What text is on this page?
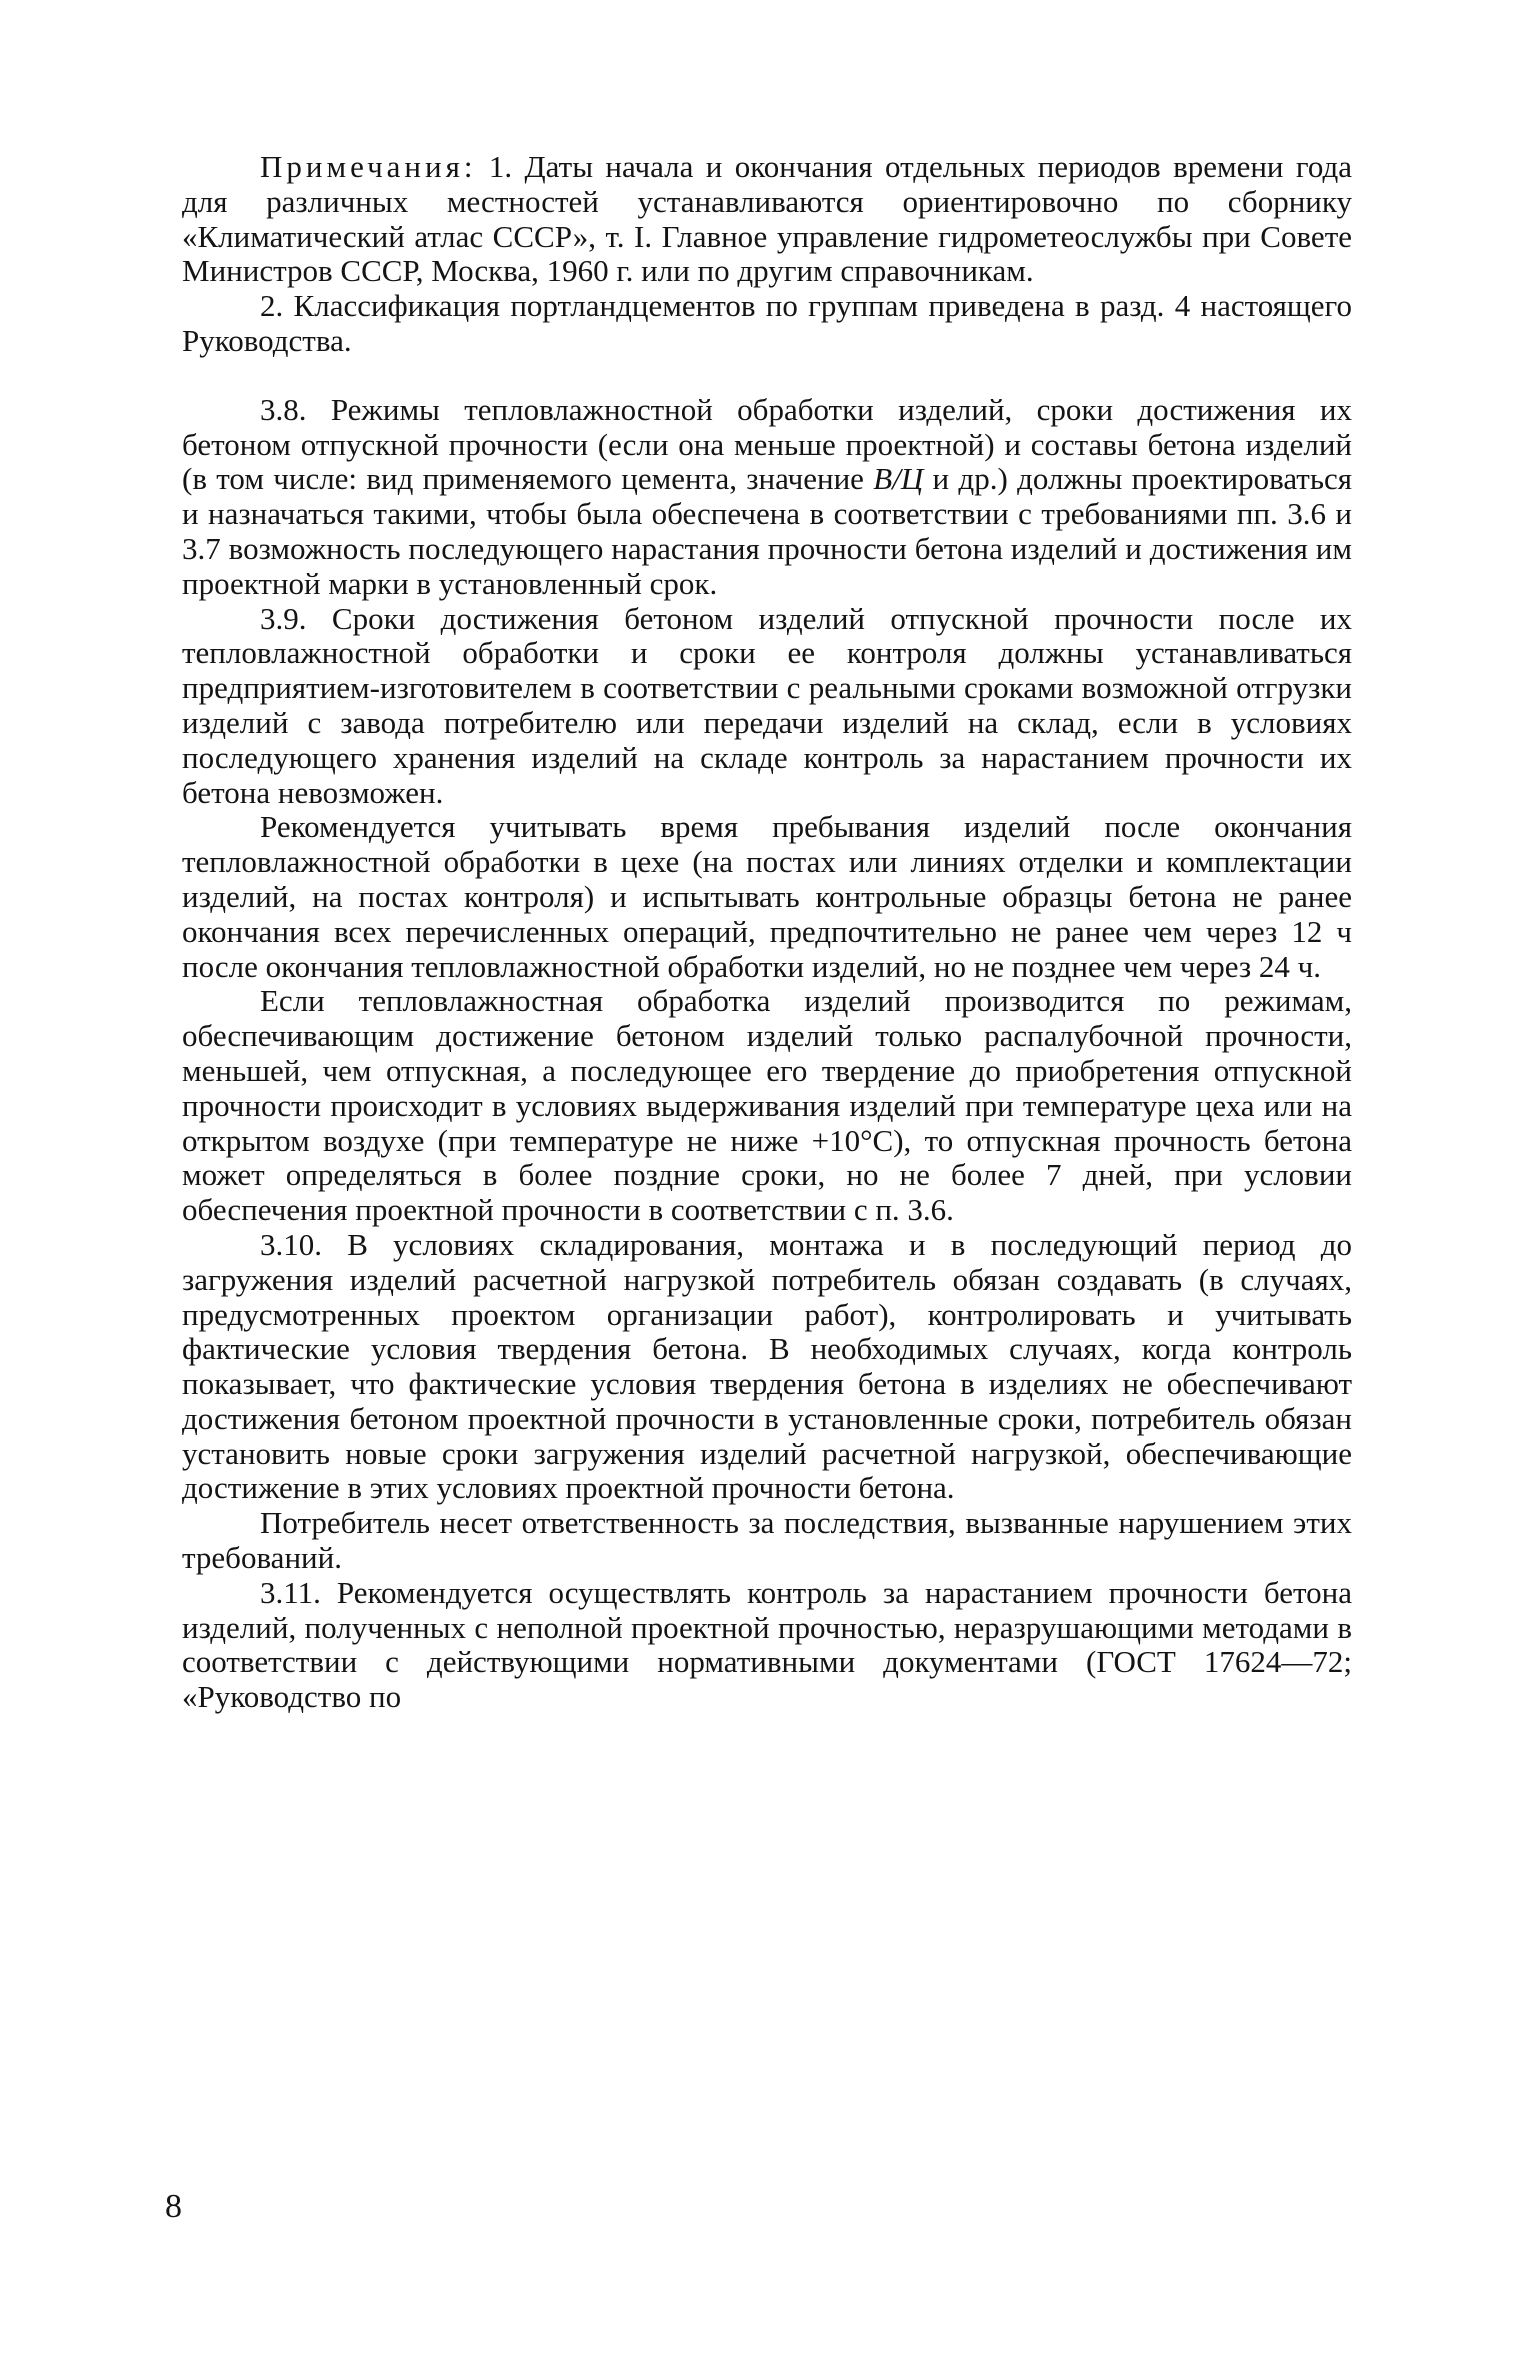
Примечания: 1. Даты начала и окончания отдельных периодов времени года для различных местностей устанавливаются ориентировочно по сборнику «Климатический атлас СССР», т. I. Главное управление гидрометеослужбы при Совете Министров СССР, Москва, 1960 г. или по другим справочникам.

2. Классификация портландцементов по группам приведена в разд. 4 настоящего Руководства.

3.8. Режимы тепловлажностной обработки изделий, сроки достижения их бетоном отпускной прочности (если она меньше проектной) и составы бетона изделий (в том числе: вид применяемого цемента, значение В/Ц и др.) должны проектироваться и назначаться такими, чтобы была обеспечена в соответствии с требованиями пп. 3.6 и 3.7 возможность последующего нарастания прочности бетона изделий и достижения им проектной марки в установленный срок.

3.9. Сроки достижения бетоном изделий отпускной прочности после их тепловлажностной обработки и сроки ее контроля должны устанавливаться предприятием-изготовителем в соответствии с реальными сроками возможной отгрузки изделий с завода потребителю или передачи изделий на склад, если в условиях последующего хранения изделий на складе контроль за нарастанием прочности их бетона невозможен.

Рекомендуется учитывать время пребывания изделий после окончания тепловлажностной обработки в цехе (на постах или линиях отделки и комплектации изделий, на постах контроля) и испытывать контрольные образцы бетона не ранее окончания всех перечисленных операций, предпочтительно не ранее чем через 12 ч после окончания тепловлажностной обработки изделий, но не позднее чем через 24 ч.

Если тепловлажностная обработка изделий производится по режимам, обеспечивающим достижение бетоном изделий только распалубочной прочности, меньшей, чем отпускная, а последующее его твердение до приобретения отпускной прочности происходит в условиях выдерживания изделий при температуре цеха или на открытом воздухе (при температуре не ниже +10°С), то отпускная прочность бетона может определяться в более поздние сроки, но не более 7 дней, при условии обеспечения проектной прочности в соответствии с п. 3.6.

3.10. В условиях складирования, монтажа и в последующий период до загружения изделий расчетной нагрузкой потребитель обязан создавать (в случаях, предусмотренных проектом организации работ), контролировать и учитывать фактические условия твердения бетона. В необходимых случаях, когда контроль показывает, что фактические условия твердения бетона в изделиях не обеспечивают достижения бетоном проектной прочности в установленные сроки, потребитель обязан установить новые сроки загружения изделий расчетной нагрузкой, обеспечивающие достижение в этих условиях проектной прочности бетона.

Потребитель несет ответственность за последствия, вызванные нарушением этих требований.

3.11. Рекомендуется осуществлять контроль за нарастанием прочности бетона изделий, полученных с неполной проектной прочностью, неразрушающими методами в соответствии с действующими нормативными документами (ГОСТ 17624—72; «Руководство по

8
